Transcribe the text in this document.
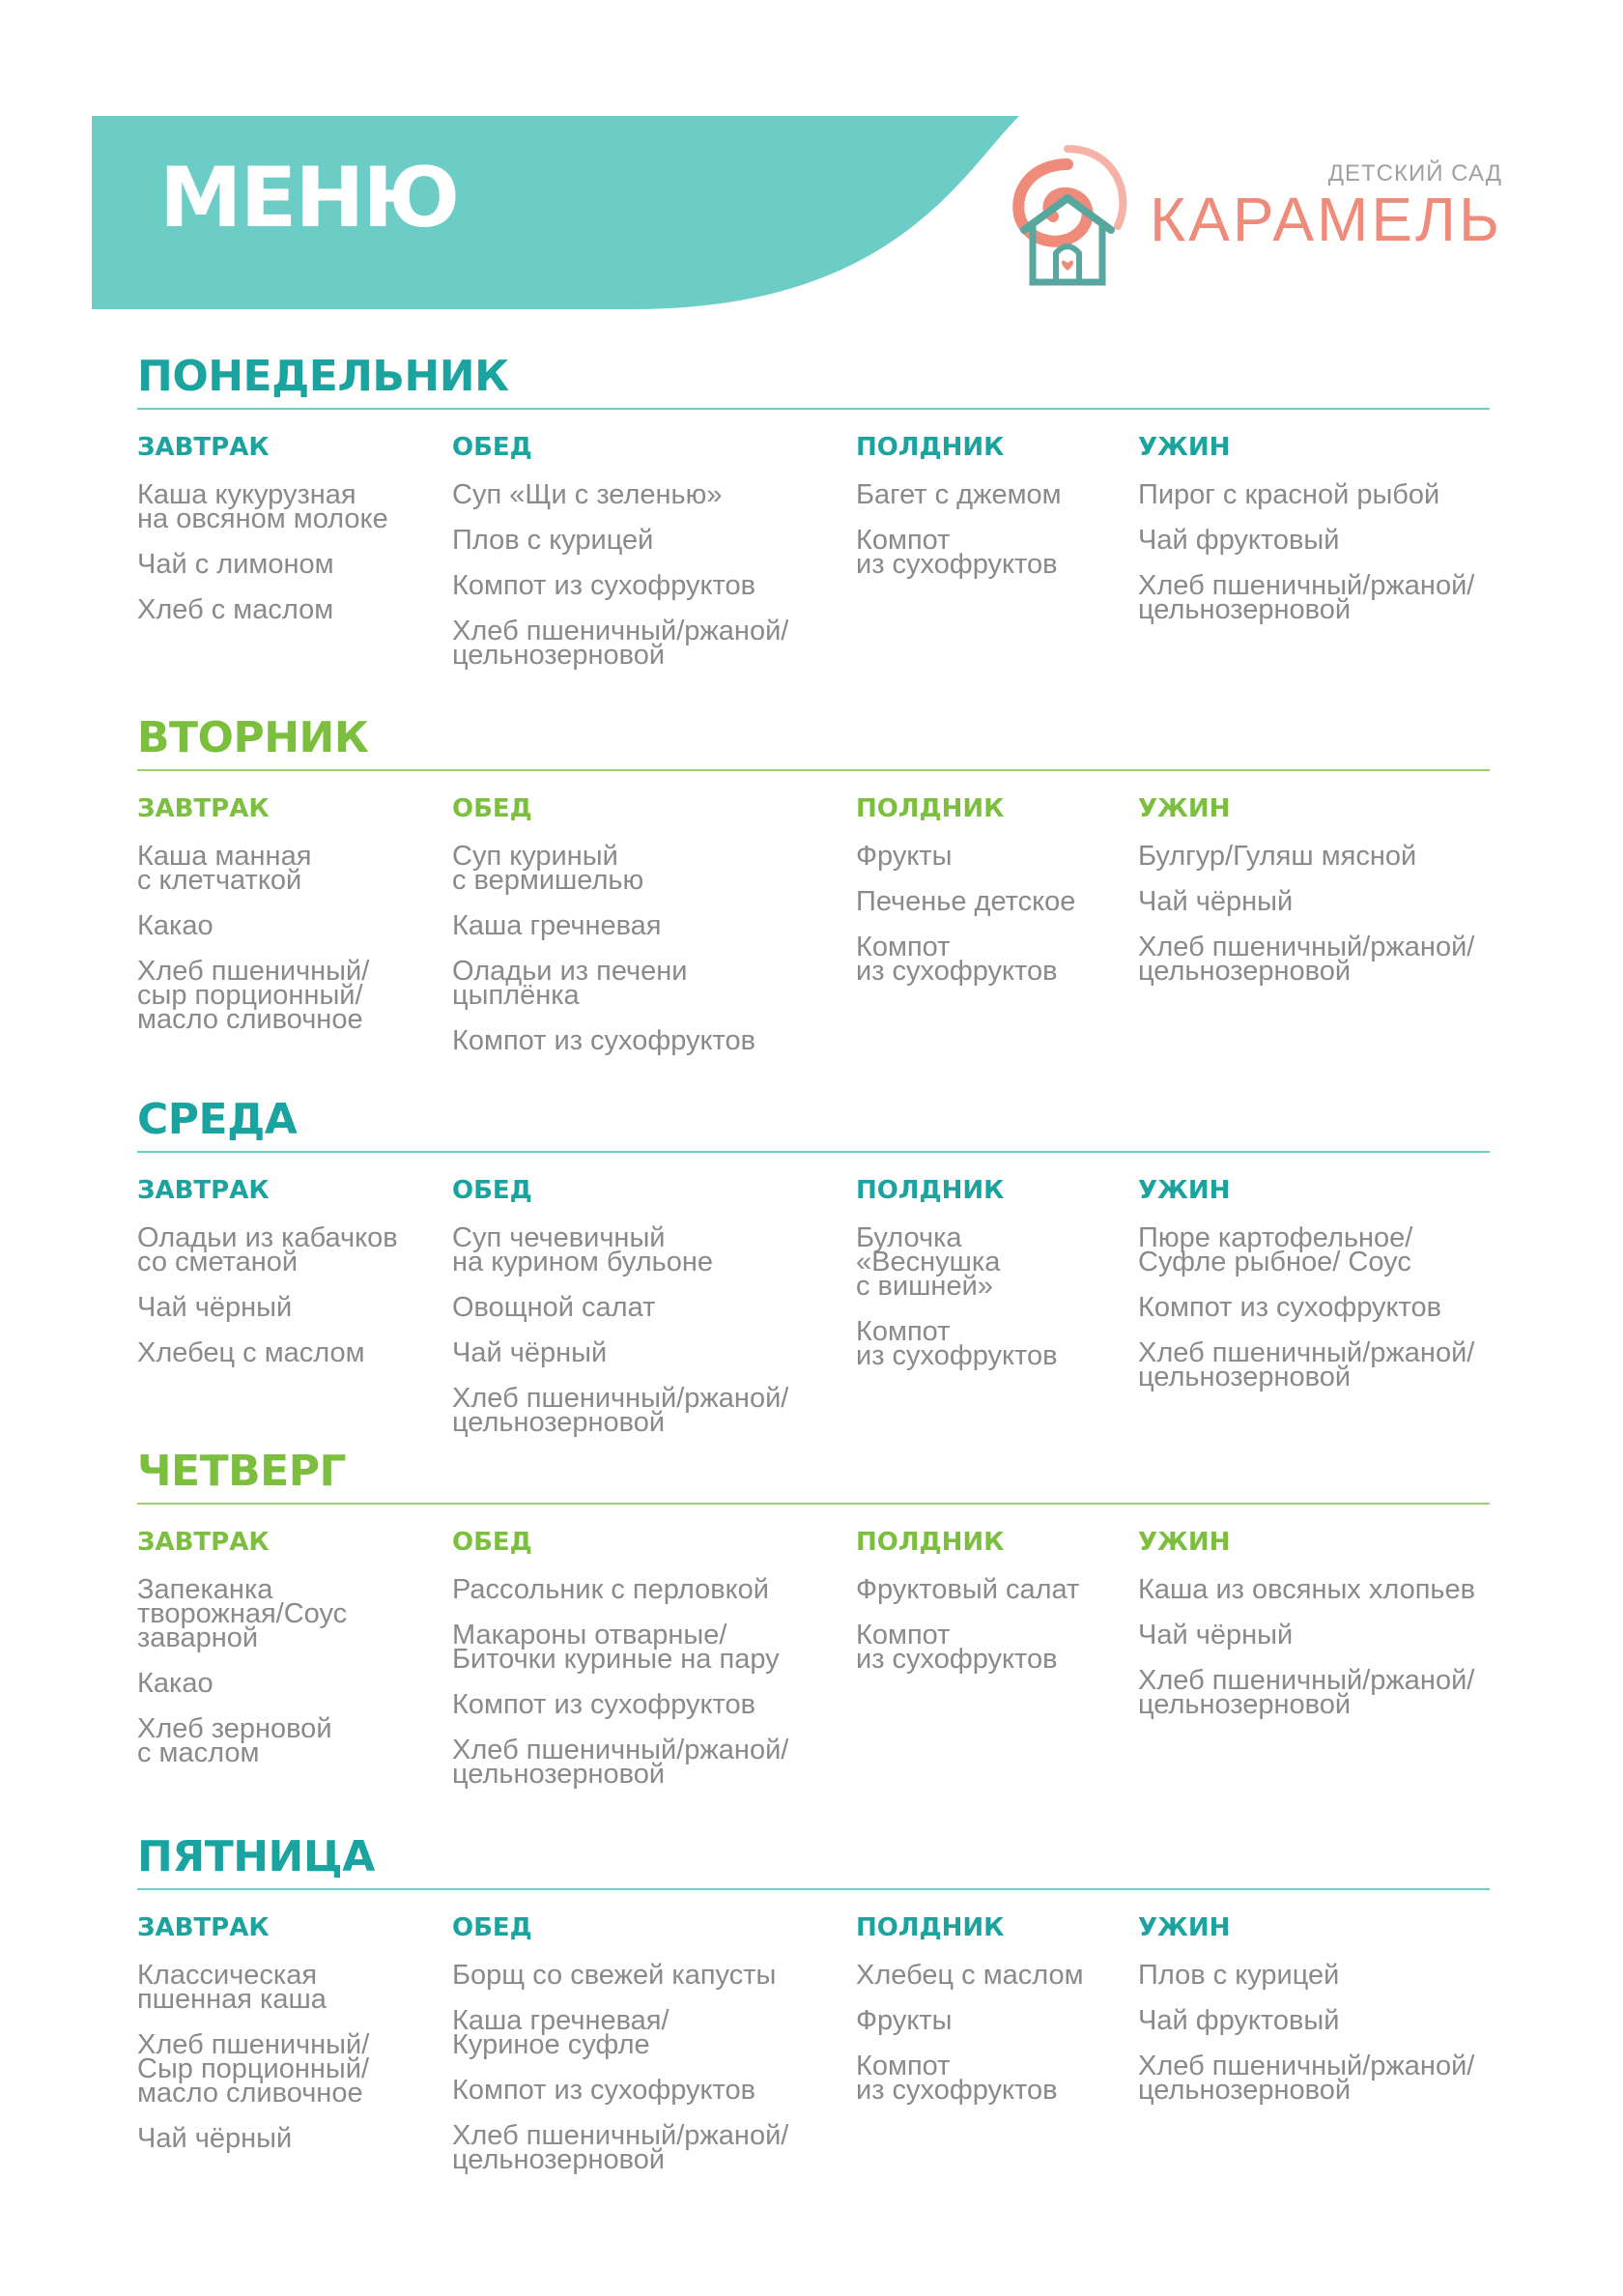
МЕНЮ	ДЕТСКИЙ САД
КАРАМЕЛЬ
ПОНЕДЕЛЬНИК
ЗАВТРАК
Каша кукурузная
на овсяном молоке
Чай с лимоном
Хлеб с маслом
ОБЕД
Суп «Щи с зеленью»
Плов с курицей
Компот из сухофруктов
Хлеб пшеничный/ржаной/
цельнозерновой
ПОЛДНИК
Багет с джемом
Компот
из сухофруктов
УЖИН
Пирог с красной рыбой
Чай фруктовый
Хлеб пшеничный/ржаной/
цельнозерновой
ВТОРНИК
ЗАВТРАК
Каша манная
с клетчаткой
Какао
Хлеб пшеничный/
сыр порционный/
масло сливочное
ОБЕД
Суп куриный
с вермишелью
Каша гречневая
Оладьи из печени
цыплёнка
Компот из сухофруктов
ПОЛДНИК
Фрукты
Печенье детское
Компот
из сухофруктов
УЖИН
Булгур/Гуляш мясной
Чай чёрный
Хлеб пшеничный/ржаной/
цельнозерновой
СРЕДА
ЗАВТРАК
Оладьи из кабачков
со сметаной
Чай чёрный
Хлебец с маслом
ОБЕД
Суп чечевичный
на курином бульоне
Овощной салат
Чай чёрный
Хлеб пшеничный/ржаной/
цельнозерновой
ПОЛДНИК
Булочка
«Веснушка
с вишней»
Компот
из сухофруктов
УЖИН
Пюре картофельное/
Суфле рыбное/ Соус
Компот из сухофруктов
Хлеб пшеничный/ржаной/
цельнозерновой
ЧЕТВЕРГ
ЗАВТРАК
Запеканка
творожная/Соус
заварной
Какао
Хлеб зерновой
с маслом
ОБЕД
Рассольник с перловкой
Макароны отварные/
Биточки куриные на пару
Компот из сухофруктов
Хлеб пшеничный/ржаной/
цельнозерновой
ПОЛДНИК
Фруктовый салат
Компот
из сухофруктов
УЖИН
Каша из овсяных хлопьев
Чай чёрный
Хлеб пшеничный/ржаной/
цельнозерновой
ПЯТНИЦА
ЗАВТРАК
Классическая
пшенная каша
Хлеб пшеничный/
Сыр порционный/
масло сливочное
Чай чёрный
ОБЕД
Борщ со свежей капусты
Каша гречневая/
Куриное суфле
Компот из сухофруктов
Хлеб пшеничный/ржаной/
цельнозерновой
ПОЛДНИК
Хлебец с маслом
Фрукты
Компот
из сухофруктов
УЖИН
Плов с курицей
Чай фруктовый
Хлеб пшеничный/ржаной/
цельнозерновой
